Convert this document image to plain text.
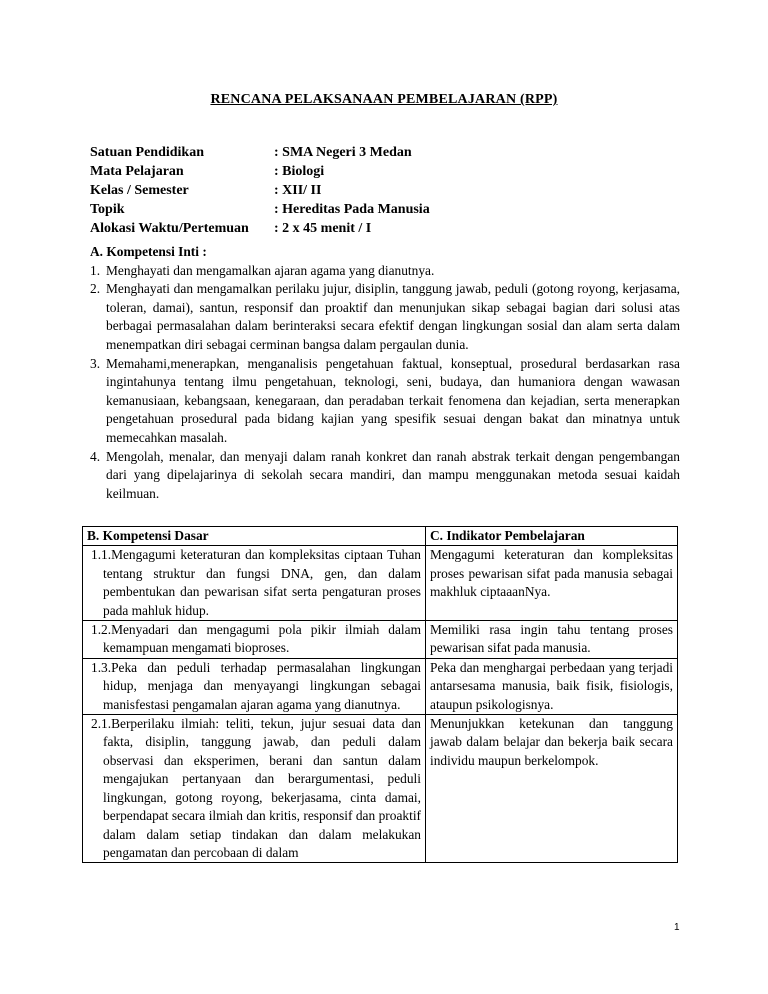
RENCANA PELAKSANAAN PEMBELAJARAN (RPP)
Satuan Pendidikan	: SMA Negeri 3 Medan
Mata Pelajaran	: Biologi
Kelas / Semester	: XII/ II
Topik	: Hereditas Pada Manusia
Alokasi Waktu/Pertemuan	: 2 x 45 menit / I
A. Kompetensi Inti :
1. Menghayati dan mengamalkan ajaran agama yang dianutnya.
2. Menghayati dan mengamalkan perilaku jujur, disiplin, tanggung jawab, peduli (gotong royong, kerjasama, toleran, damai), santun, responsif dan proaktif dan menunjukan sikap sebagai bagian dari solusi atas berbagai permasalahan dalam berinteraksi secara efektif dengan lingkungan sosial dan alam serta dalam menempatkan diri sebagai cerminan bangsa dalam pergaulan dunia.
3. Memahami,menerapkan, menganalisis pengetahuan faktual, konseptual, prosedural berdasarkan rasa ingintahunya tentang ilmu pengetahuan, teknologi, seni, budaya, dan humaniora dengan wawasan kemanusiaan, kebangsaan, kenegaraan, dan peradaban terkait fenomena dan kejadian, serta menerapkan pengetahuan prosedural pada bidang kajian yang spesifik sesuai dengan bakat dan minatnya untuk memecahkan masalah.
4. Mengolah, menalar, dan menyaji dalam ranah konkret dan ranah abstrak terkait dengan pengembangan dari yang dipelajarinya di sekolah secara mandiri, dan mampu menggunakan metoda sesuai kaidah keilmuan.
B. Kompetensi Dasar	C. Indikator Pembelajaran

1.1.Mengagumi keteraturan dan kompleksitas ciptaan Tuhan tentang struktur dan fungsi DNA, gen, dan dalam pembentukan dan pewarisan sifat serta pengaturan proses pada mahluk hidup.	Mengagumi keteraturan dan kompleksitas proses pewarisan sifat pada manusia sebagai makhluk ciptaaanNya.

1.2.Menyadari dan mengagumi pola pikir ilmiah dalam kemampuan mengamati bioproses.	Memiliki rasa ingin tahu tentang proses pewarisan sifat pada manusia.

1.3.Peka dan peduli terhadap permasalahan lingkungan hidup, menjaga dan menyayangi lingkungan sebagai manisfestasi pengamalan ajaran agama yang dianutnya.	Peka dan menghargai perbedaan yang terjadi antarsesama manusia, baik fisik, fisiologis, ataupun psikologisnya.

2.1.Berperilaku ilmiah: teliti, tekun, jujur sesuai data dan fakta, disiplin, tanggung jawab, dan peduli dalam observasi dan eksperimen, berani dan santun dalam mengajukan pertanyaan dan berargumentasi, peduli lingkungan, gotong royong, bekerjasama, cinta damai, berpendapat secara ilmiah dan kritis, responsif dan proaktif dalam dalam setiap tindakan dan dalam melakukan pengamatan dan percobaan di dalam	Menunjukkan ketekunan dan tanggung jawab dalam belajar dan bekerja baik secara individu maupun berkelompok.
1
